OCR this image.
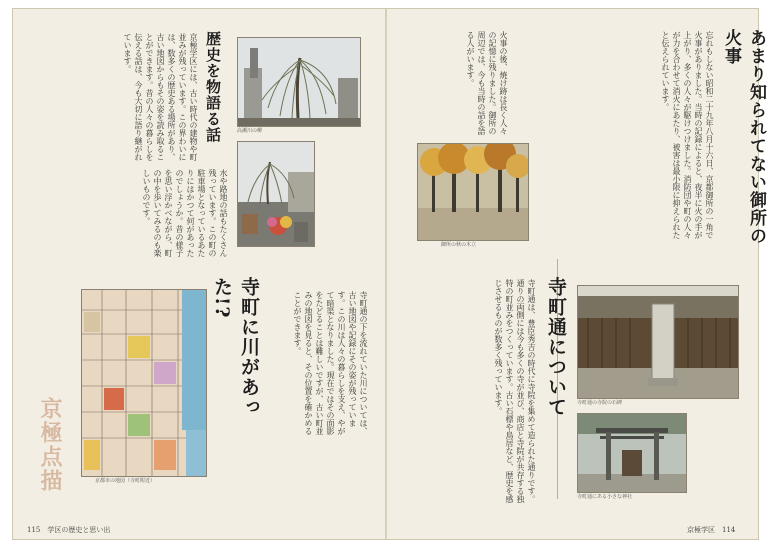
歴史を物語る話	高瀬川の柳
京極学区には、古い時代の建物や町並みが残っています。この界わいには、数多くの歴史ある場所があり、古い地図からもその姿を読み取ることができます。昔の人々の暮らしを伝える話は、今も大切に語り継がれています。
水や路地の話もたくさん残っています。この町の駐車場となっているあたりにはかつて何があったのでしょうか。昔の様子を思い浮かべながら、町の中を歩いてみるのも楽しいものです。
寺町に川があった!?	寺町通の下を流れていた川については、古い地図や記録にその姿が残っています。この川は人々の暮らしを支え、やがて暗渠となりました。現在ではその面影をたどることは難しいですが、古い町並みの地図を見ると、その位置を確かめることができます。
京都市の地図（寺町附近）
京極点描
115　学区の歴史と思い出
あまり知られてない御所の火事
忘れもしない昭和二十九年八月十六日、京都御所の一角で火事がありました。当時の記録によると、夜半に火の手が上がり、多くの人々が駆けつけました。消防団や町の人々が力を合わせて消火にあたり、被害は最小限に抑えられたと伝えられています。
火事の後、焼け跡は長く人々の記憶に残りました。御所の周辺では、今も当時の話を語る人がいます。
御所の秋の木立
寺町通について
寺町通は、豊臣秀吉の時代に寺院を集めて造られた通りです。通りの両側には今も多くの寺が並び、商店と寺院が共存する独特の町並みをつくっています。古い石標や鳥居など、歴史を感じさせるものが数多く残っています。	寺町通の寺院の石碑
寺町通にある小さな神社
京極学区　114
